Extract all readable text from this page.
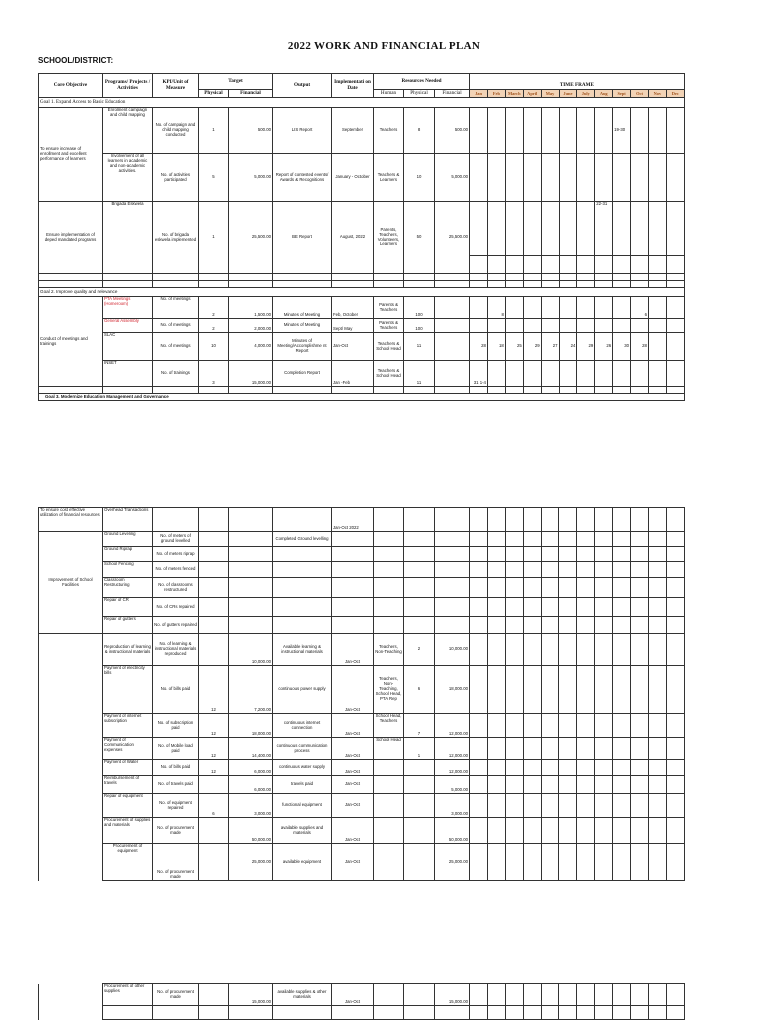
2022 WORK AND FINANCIAL PLAN
SCHOOL/DISTRICT:
Core Objective	Programs/ Projects / Activities	KPI/Unit of Measure	Target		Output	Implementati on Date	Resources Needed			TIME FRAME											
			Physical	Financial			Human	Physical	Financial	Jan	Feb	March	April	May	June	July	Aug	Sept	Oct	Nov	Dec
Goal 1. Expand Access to Basic Education																					
To ensure increase of enrollment and excellent performance of learners	Enrolment campaign and child mapping	No. of campaign and child mapping conducted	1	500.00	LIS Report	September	Teachers	8	500.00									19-30			
	Involvement of all learners in academic and non-academic activities.	No. of activities participated	5	5,000.00	Report of contested events/ Awards & Recognitions	January - October	Teachers & Learners	10	5,000.00												
Ensure implementation of deped mandated programs	Brigada Eskwela	No. of brigada eskwela implemented	1	25,500.00	BE Report	August, 2022	Parents, Teachers, Volunteers, Learners	50	25,500.00								22-31				

Goal 2. Improve quality and relevance																					
Conduct of meetings and trainings	PTA Meetings (Homeroom)	No. of meetings	2	1,500.00	Minutes of Meeting	Feb, October	Parents & Teachers	100			8								6		
	General Assembly	No. of meetings	2	2,000.00	Minutes of Meeting	Sept/ May	Parents & Teachers	100													
	SLAC	No. of meetings	10	4,000.00	Minutes of Meeting/Accomplishme nt Report	Jan-Oct	Teachers & School Head	11		28	18	25	29	27	24	29	26	30	28		
	INSET	No. of trainings	3	15,000.00	Completion Report	Jan -Feb	Teachers & School Head	11		31 1-4											

Goal 3. Modernize Education Management and Governance																					
To ensure cost effective utilization of financial resources	Overhead Transactions					Jan-Oct 2022															
Improvement of School Facilities	Ground Leveling	No. of meters of ground levelled			Completed Ground levelling																
	Ground Riprap	No. of meters riprap																			
	School Fencing	No. of meters fenced																			
	Classroom Restructuring	No. of classrooms restructured																			
	Repair of CR	No. of CRs repaired																			
	Repair of gutters	No. of gutters repaired																			
	Reproduction of learning & instructional materials	No. of learning & instructional materials reproduced		10,000.00	Available learning & instructional materials	Jan-Oct	Teachers, Non-Teaching	2	10,000.00												
	Payment of electricity bills	No. of bills paid	12	7,200.00	continuous power supply	Jan-Oct	Teachers, Non-Teaching, School Head, PTA Rep	6	18,000.00												
	Payment of internet subscription	No. of subscription paid	12	18,000.00	continuous internet connection	Jan-Oct	School Head, Teachers	7	12,000.00												
	Payment of Communication expenses	No. of Mobile load paid	12	14,400.00	continuous communication process	Jan-Oct	School Head	1	12,000.00												
	Payment of Water	No. of bills paid	12	6,000.00	continuous water supply	Jan-Oct			12,000.00												
	Reimbursement of travels	No. of travels paid		6,000.00	travels paid	Jan-Oct			5,000.00												
	Repair of equipment	No. of equipment repaired	6	3,000.00	functional equipment	Jan-Oct			3,000.00												
	Procurement of supplies and materials	No. of procurement made		50,000.00	available supplies and materials	Jan-Oct			50,000.00												
	Procurement of equipment	No. of procurement made		25,000.00	available equipment	Jan-Oct			25,000.00												
	Procurement of other supplies	No. of procurement made		15,000.00	available supplies & other materials	Jan-Oct			15,000.00												
